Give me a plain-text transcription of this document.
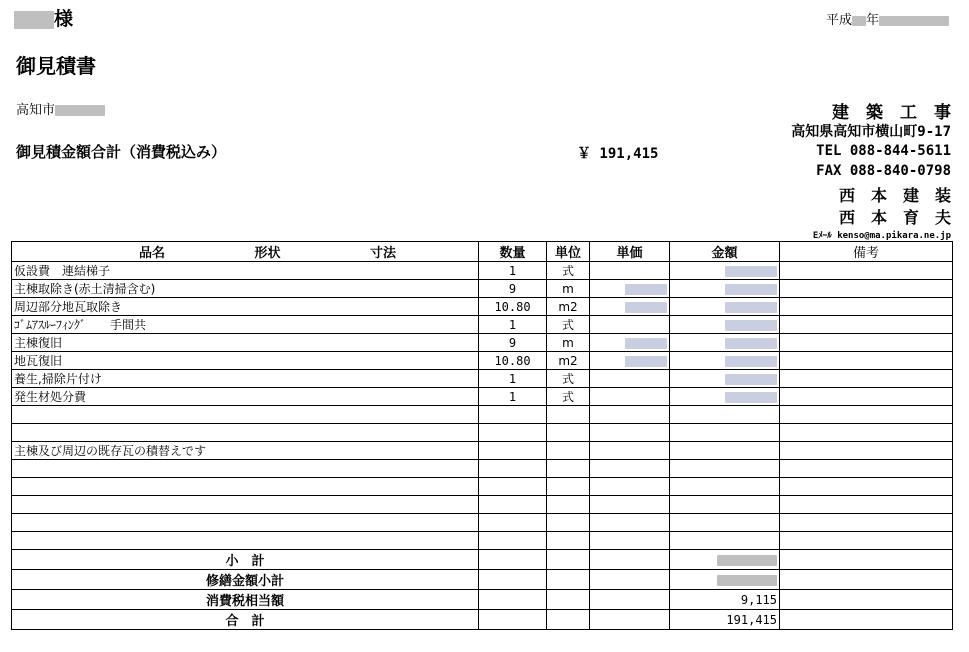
様	平成 年
御見積書
高知市
御見積金額合計（消費税込み）	￥ 191,415
建　築　工　事
高知県高知市横山町9-17
TEL 088-844-5611
FAX 088-840-0798
西　本　建　装
西　本　育　夫
Eﾒｰﾙ kenso@ma.pikara.ne.jp
品名 形状 寸法	数量	単位	単価	金額	備考
仮設費　連結梯子	1	式			
主棟取除き(赤土清掃含む)	9	m			
周辺部分地瓦取除き	10.80	m2			
ｺﾞﾑｱｽﾙｰﾌｨﾝｸﾞ　　手間共	1	式			
主棟復旧	9	m			
地瓦復旧	10.80	m2			
養生,掃除片付け	1	式			
発生材処分費	1	式			

主棟及び周辺の既存瓦の積替えです					

小　計					
修繕金額小計					
消費税相当額				9,115	
合　計				191,415	
